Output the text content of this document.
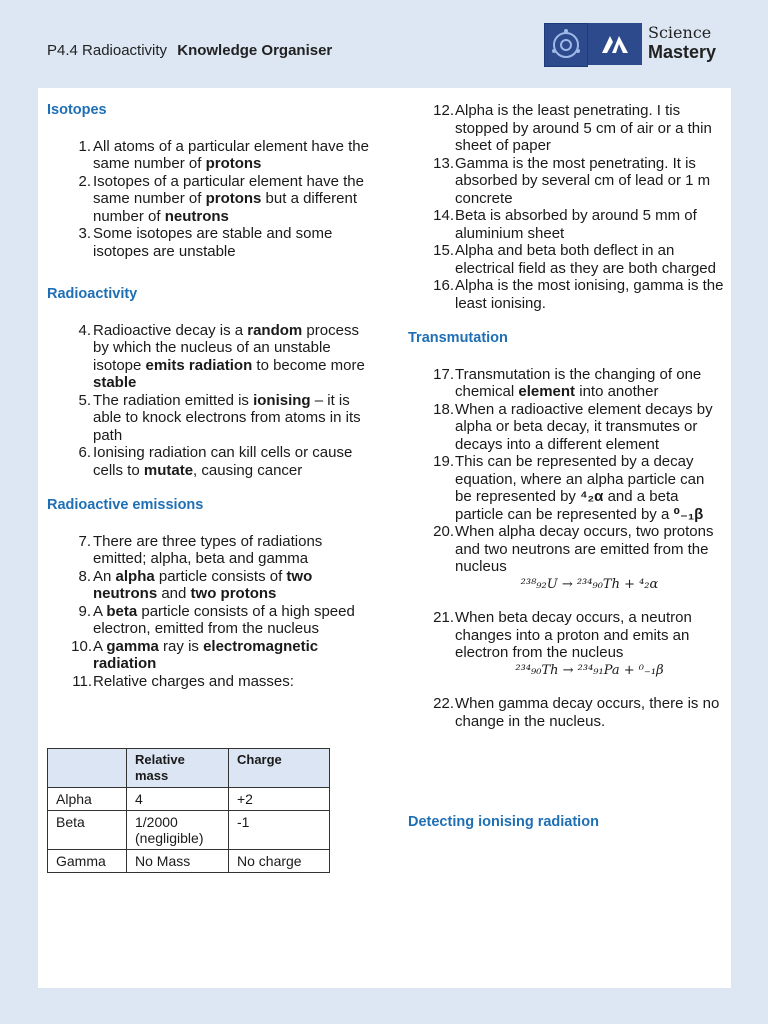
P4.4 Radioactivity Knowledge Organiser
Science
Mastery
Isotopes
1. All atoms of a particular element have the same number of protons
2. Isotopes of a particular element have the same number of protons but a different number of neutrons
3. Some isotopes are stable and some isotopes are unstable
Radioactivity
4. Radioactive decay is a random process by which the nucleus of an unstable isotope emits radiation to become more stable
5. The radiation emitted is ionising – it is able to knock electrons from atoms in its path
6. Ionising radiation can kill cells or cause cells to mutate, causing cancer
Radioactive emissions
7. There are three types of radiations emitted; alpha, beta and gamma
8. An alpha particle consists of two neutrons and two protons
9. A beta particle consists of a high speed electron, emitted from the nucleus
10. A gamma ray is electromagnetic radiation
11. Relative charges and masses:
	Relative mass	Charge
Alpha	4	+2
Beta	1/2000 (negligible)	-1
Gamma	No Mass	No charge
12. Alpha is the least penetrating. I tis stopped by around 5 cm of air or a thin sheet of paper
13. Gamma is the most penetrating. It is absorbed by several cm of lead or 1 m concrete
14. Beta is absorbed by around 5 mm of aluminium sheet
15. Alpha and beta both deflect in an electrical field as they are both charged
16. Alpha is the most ionising, gamma is the least ionising.
Transmutation
17. Transmutation is the changing of one chemical element into another
18. When a radioactive element decays by alpha or beta decay, it transmutes or decays into a different element
19. This can be represented by a decay equation, where an alpha particle can be represented by ⁴₂α and a beta particle can be represented by a ⁰₋₁β
20. When alpha decay occurs, two protons and two neutrons are emitted from the nucleus
²³⁸₉₂U → ²³⁴₉₀Th + ⁴₂α
21. When beta decay occurs, a neutron changes into a proton and emits an electron from the nucleus
²³⁴₉₀Th → ²³⁴₉₁Pa + ⁰₋₁β
22. When gamma decay occurs, there is no change in the nucleus.
Detecting ionising radiation
